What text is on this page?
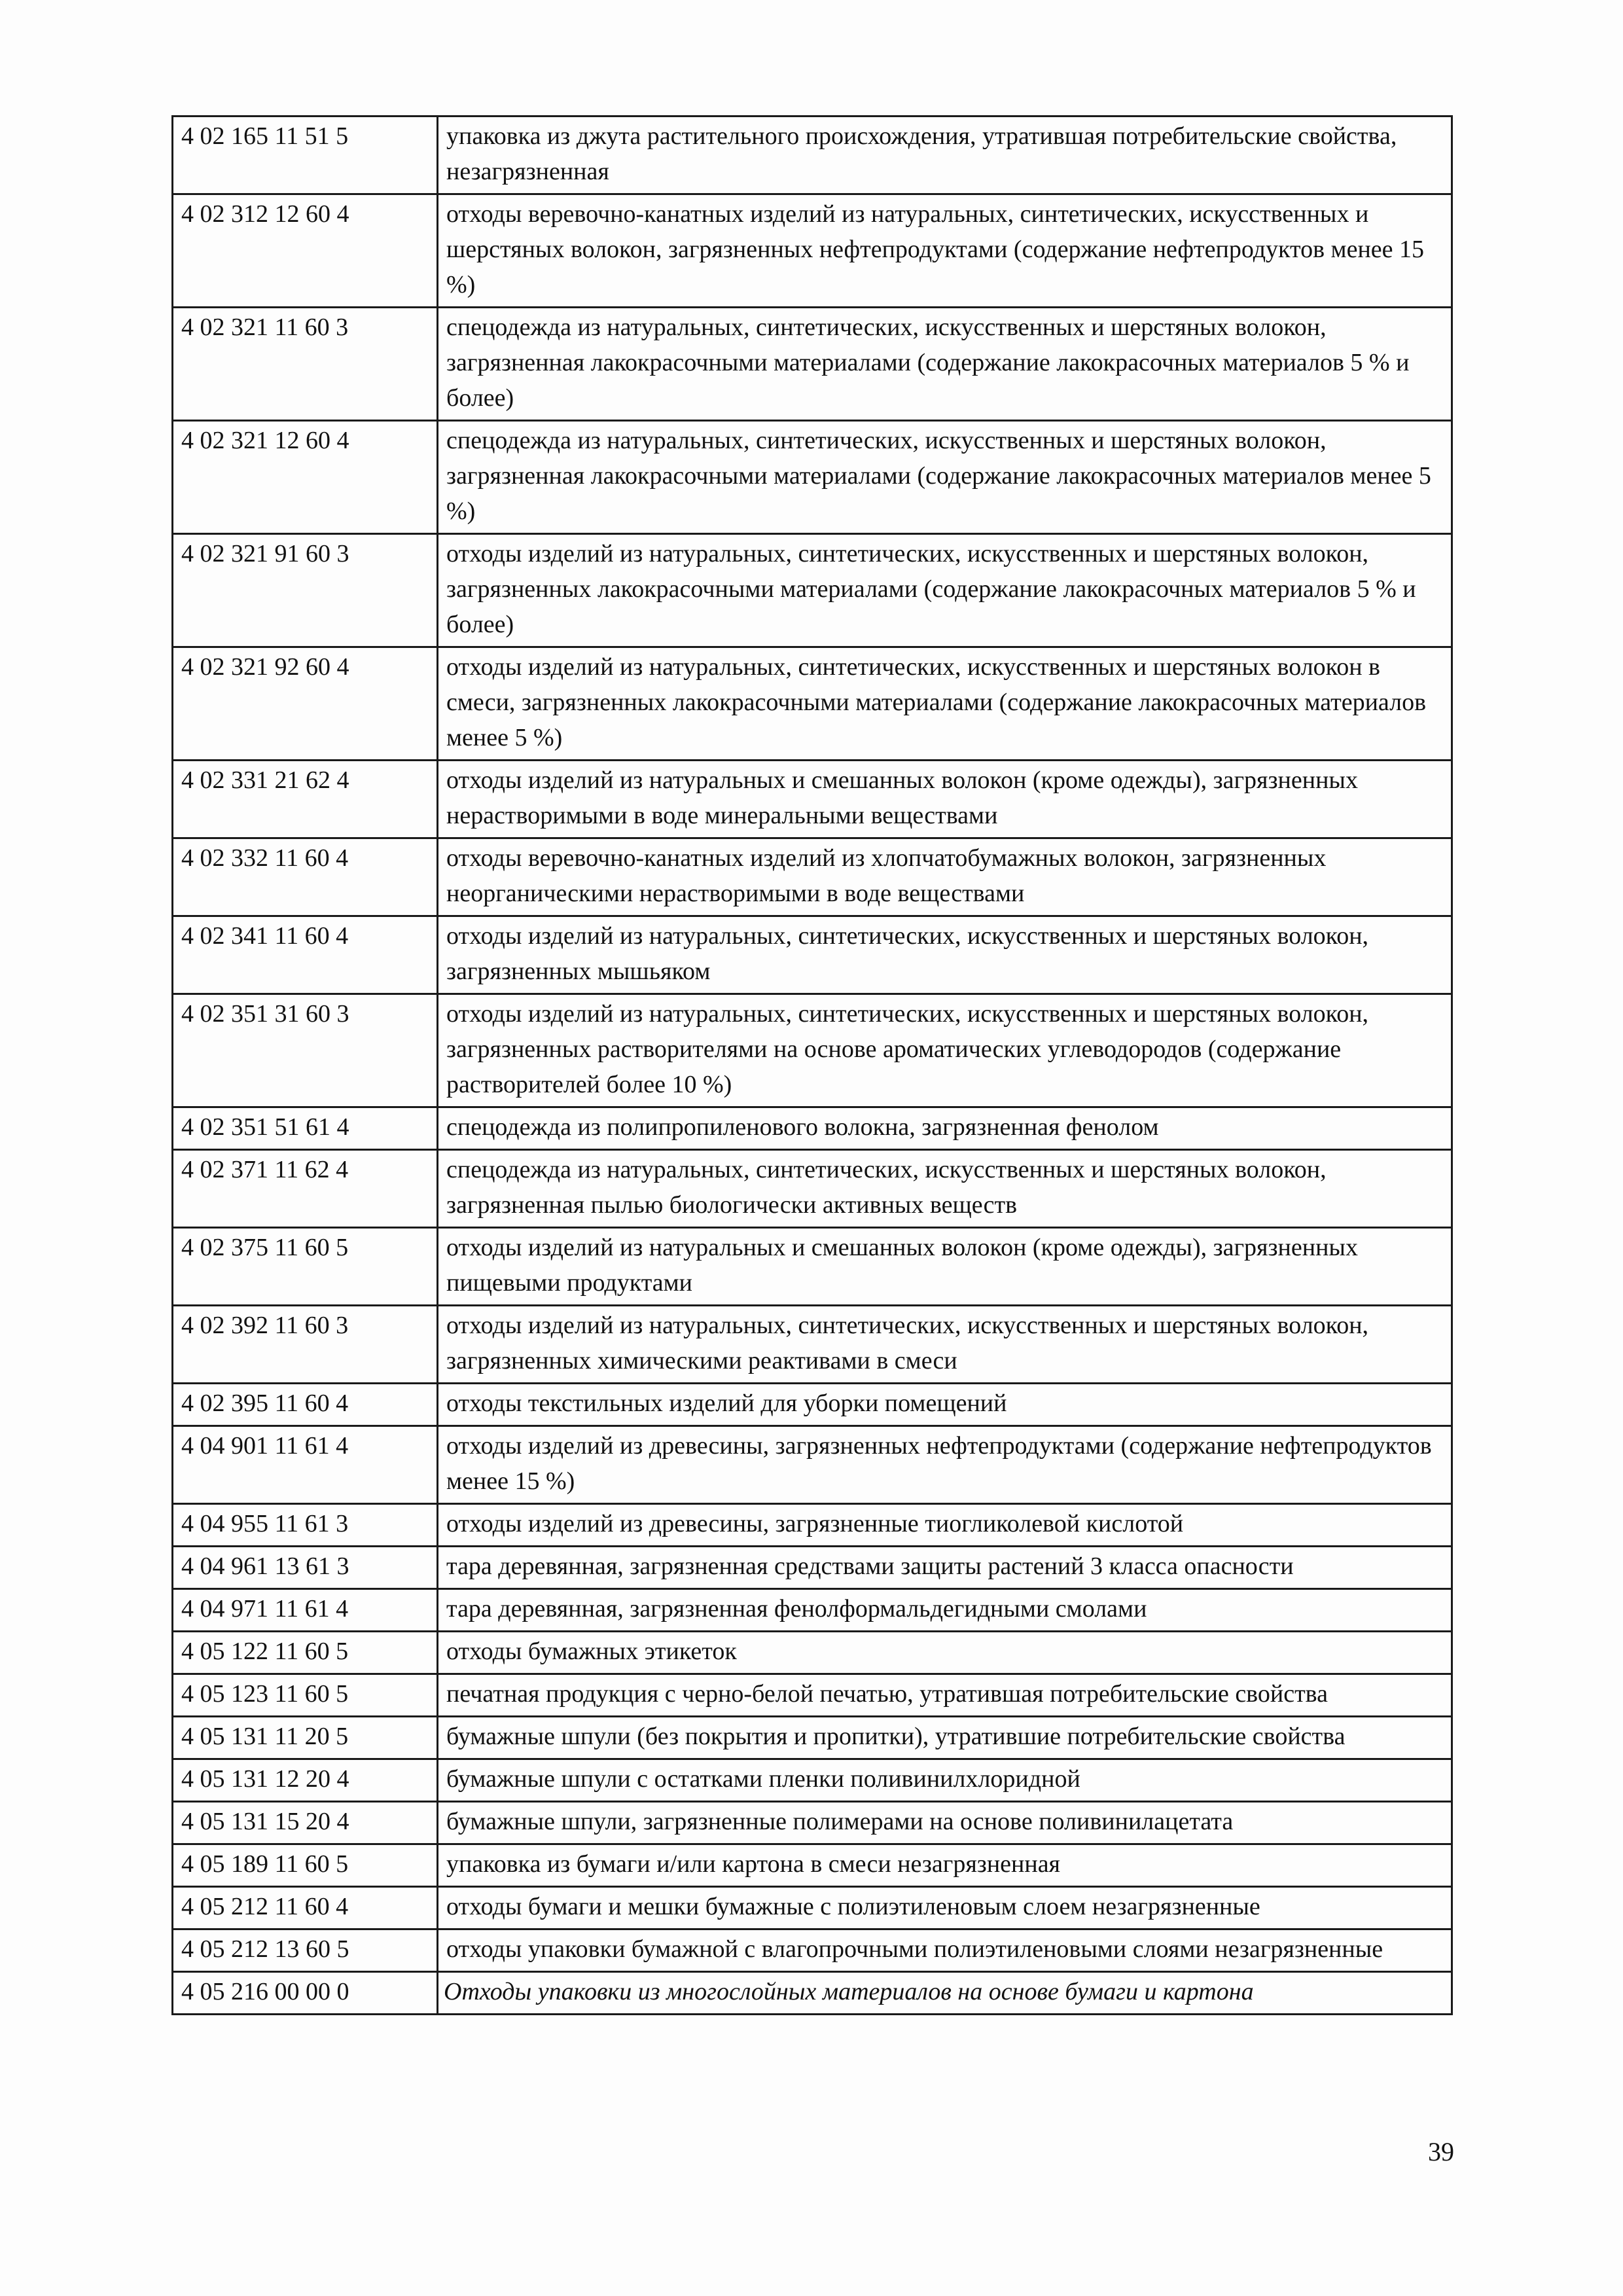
4 02 165 11 51 5	упаковка из джута растительного происхождения, утратившая потребительские свойства, незагрязненная
4 02 312 12 60 4	отходы веревочно-канатных изделий из натуральных, синтетических, искусственных и шерстяных волокон, загрязненных нефтепродуктами (содержание нефтепродуктов менее 15 %)
4 02 321 11 60 3	спецодежда из натуральных, синтетических, искусственных и шерстяных волокон, загрязненная лакокрасочными материалами (содержание лакокрасочных материалов 5 % и более)
4 02 321 12 60 4	спецодежда из натуральных, синтетических, искусственных и шерстяных волокон, загрязненная лакокрасочными материалами (содержание лакокрасочных материалов менее 5 %)
4 02 321 91 60 3	отходы изделий из натуральных, синтетических, искусственных и шерстяных волокон, загрязненных лакокрасочными материалами (содержание лакокрасочных материалов 5 % и более)
4 02 321 92 60 4	отходы изделий из натуральных, синтетических, искусственных и шерстяных волокон в смеси, загрязненных лакокрасочными материалами (содержание лакокрасочных материалов менее 5 %)
4 02 331 21 62 4	отходы изделий из натуральных и смешанных волокон (кроме одежды), загрязненных нерастворимыми в воде минеральными веществами
4 02 332 11 60 4	отходы веревочно-канатных изделий из хлопчатобумажных волокон, загрязненных неорганическими нерастворимыми в воде веществами
4 02 341 11 60 4	отходы изделий из натуральных, синтетических, искусственных и шерстяных волокон, загрязненных мышьяком
4 02 351 31 60 3	отходы изделий из натуральных, синтетических, искусственных и шерстяных волокон, загрязненных растворителями на основе ароматических углеводородов (содержание растворителей более 10 %)
4 02 351 51 61 4	спецодежда из полипропиленового волокна, загрязненная фенолом
4 02 371 11 62 4	спецодежда из натуральных, синтетических, искусственных и шерстяных волокон, загрязненная пылью биологически активных веществ
4 02 375 11 60 5	отходы изделий из натуральных и смешанных волокон (кроме одежды), загрязненных пищевыми продуктами
4 02 392 11 60 3	отходы изделий из натуральных, синтетических, искусственных и шерстяных волокон, загрязненных химическими реактивами в смеси
4 02 395 11 60 4	отходы текстильных изделий для уборки помещений
4 04 901 11 61 4	отходы изделий из древесины, загрязненных нефтепродуктами (содержание нефтепродуктов менее 15 %)
4 04 955 11 61 3	отходы изделий из древесины, загрязненные тиогликолевой кислотой
4 04 961 13 61 3	тара деревянная, загрязненная средствами защиты растений 3 класса опасности
4 04 971 11 61 4	тара деревянная, загрязненная фенолформальдегидными смолами
4 05 122 11 60 5	отходы бумажных этикеток
4 05 123 11 60 5	печатная продукция с черно-белой печатью, утратившая потребительские свойства
4 05 131 11 20 5	бумажные шпули (без покрытия и пропитки), утратившие потребительские свойства
4 05 131 12 20 4	бумажные шпули с остатками пленки поливинилхлоридной
4 05 131 15 20 4	бумажные шпули, загрязненные полимерами на основе поливинилацетата
4 05 189 11 60 5	упаковка из бумаги и/или картона в смеси незагрязненная
4 05 212 11 60 4	отходы бумаги и мешки бумажные с полиэтиленовым слоем незагрязненные
4 05 212 13 60 5	отходы упаковки бумажной с влагопрочными полиэтиленовыми слоями незагрязненные
4 05 216 00 00 0	Отходы упаковки из многослойных материалов на основе бумаги и картона
39
